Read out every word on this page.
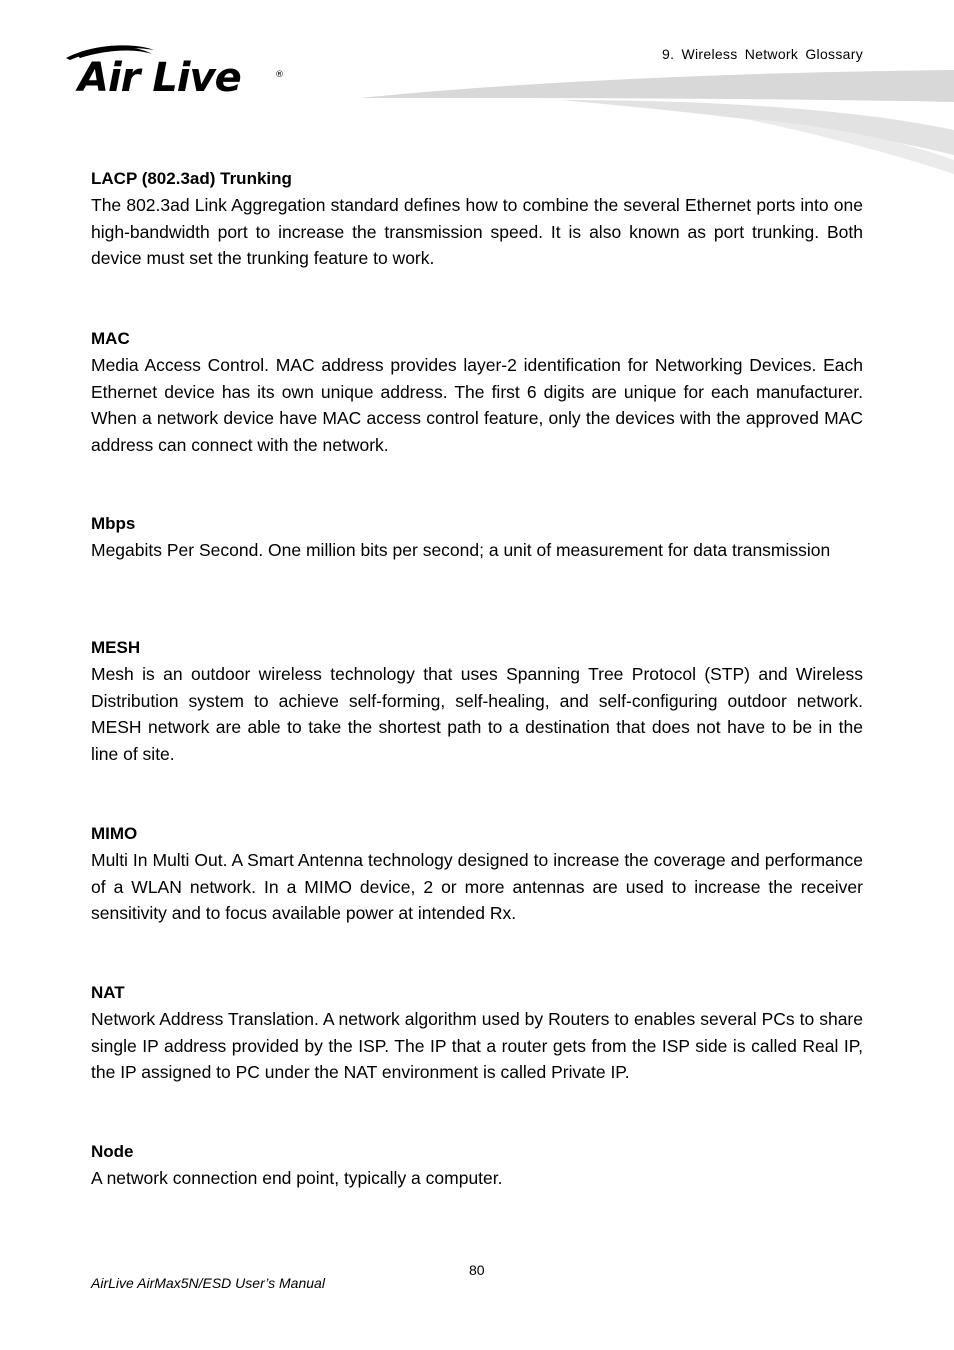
Air Live	®
9. Wireless Network Glossary

LACP (802.3ad) Trunking

The 802.3ad Link Aggregation standard defines how to combine the several Ethernet ports into one high-bandwidth port to increase the transmission speed. It is also known as port trunking. Both device must set the trunking feature to work.

MAC

Media Access Control. MAC address provides layer-2 identification for Networking Devices. Each Ethernet device has its own unique address. The first 6 digits are unique for each manufacturer. When a network device have MAC access control feature, only the devices with the approved MAC address can connect with the network.

Mbps

Megabits Per Second. One million bits per second; a unit of measurement for data transmission

MESH

Mesh is an outdoor wireless technology that uses Spanning Tree Protocol (STP) and Wireless Distribution system to achieve self-forming, self-healing, and self-configuring outdoor network. MESH network are able to take the shortest path to a destination that does not have to be in the line of site.

MIMO

Multi In Multi Out. A Smart Antenna technology designed to increase the coverage and performance of a WLAN network. In a MIMO device, 2 or more antennas are used to increase the receiver sensitivity and to focus available power at intended Rx.

NAT

Network Address Translation. A network algorithm used by Routers to enables several PCs to share single IP address provided by the ISP. The IP that a router gets from the ISP side is called Real IP, the IP assigned to PC under the NAT environment is called Private IP.

Node

A network connection end point, typically a computer.

80
AirLive AirMax5N/ESD User’s Manual
